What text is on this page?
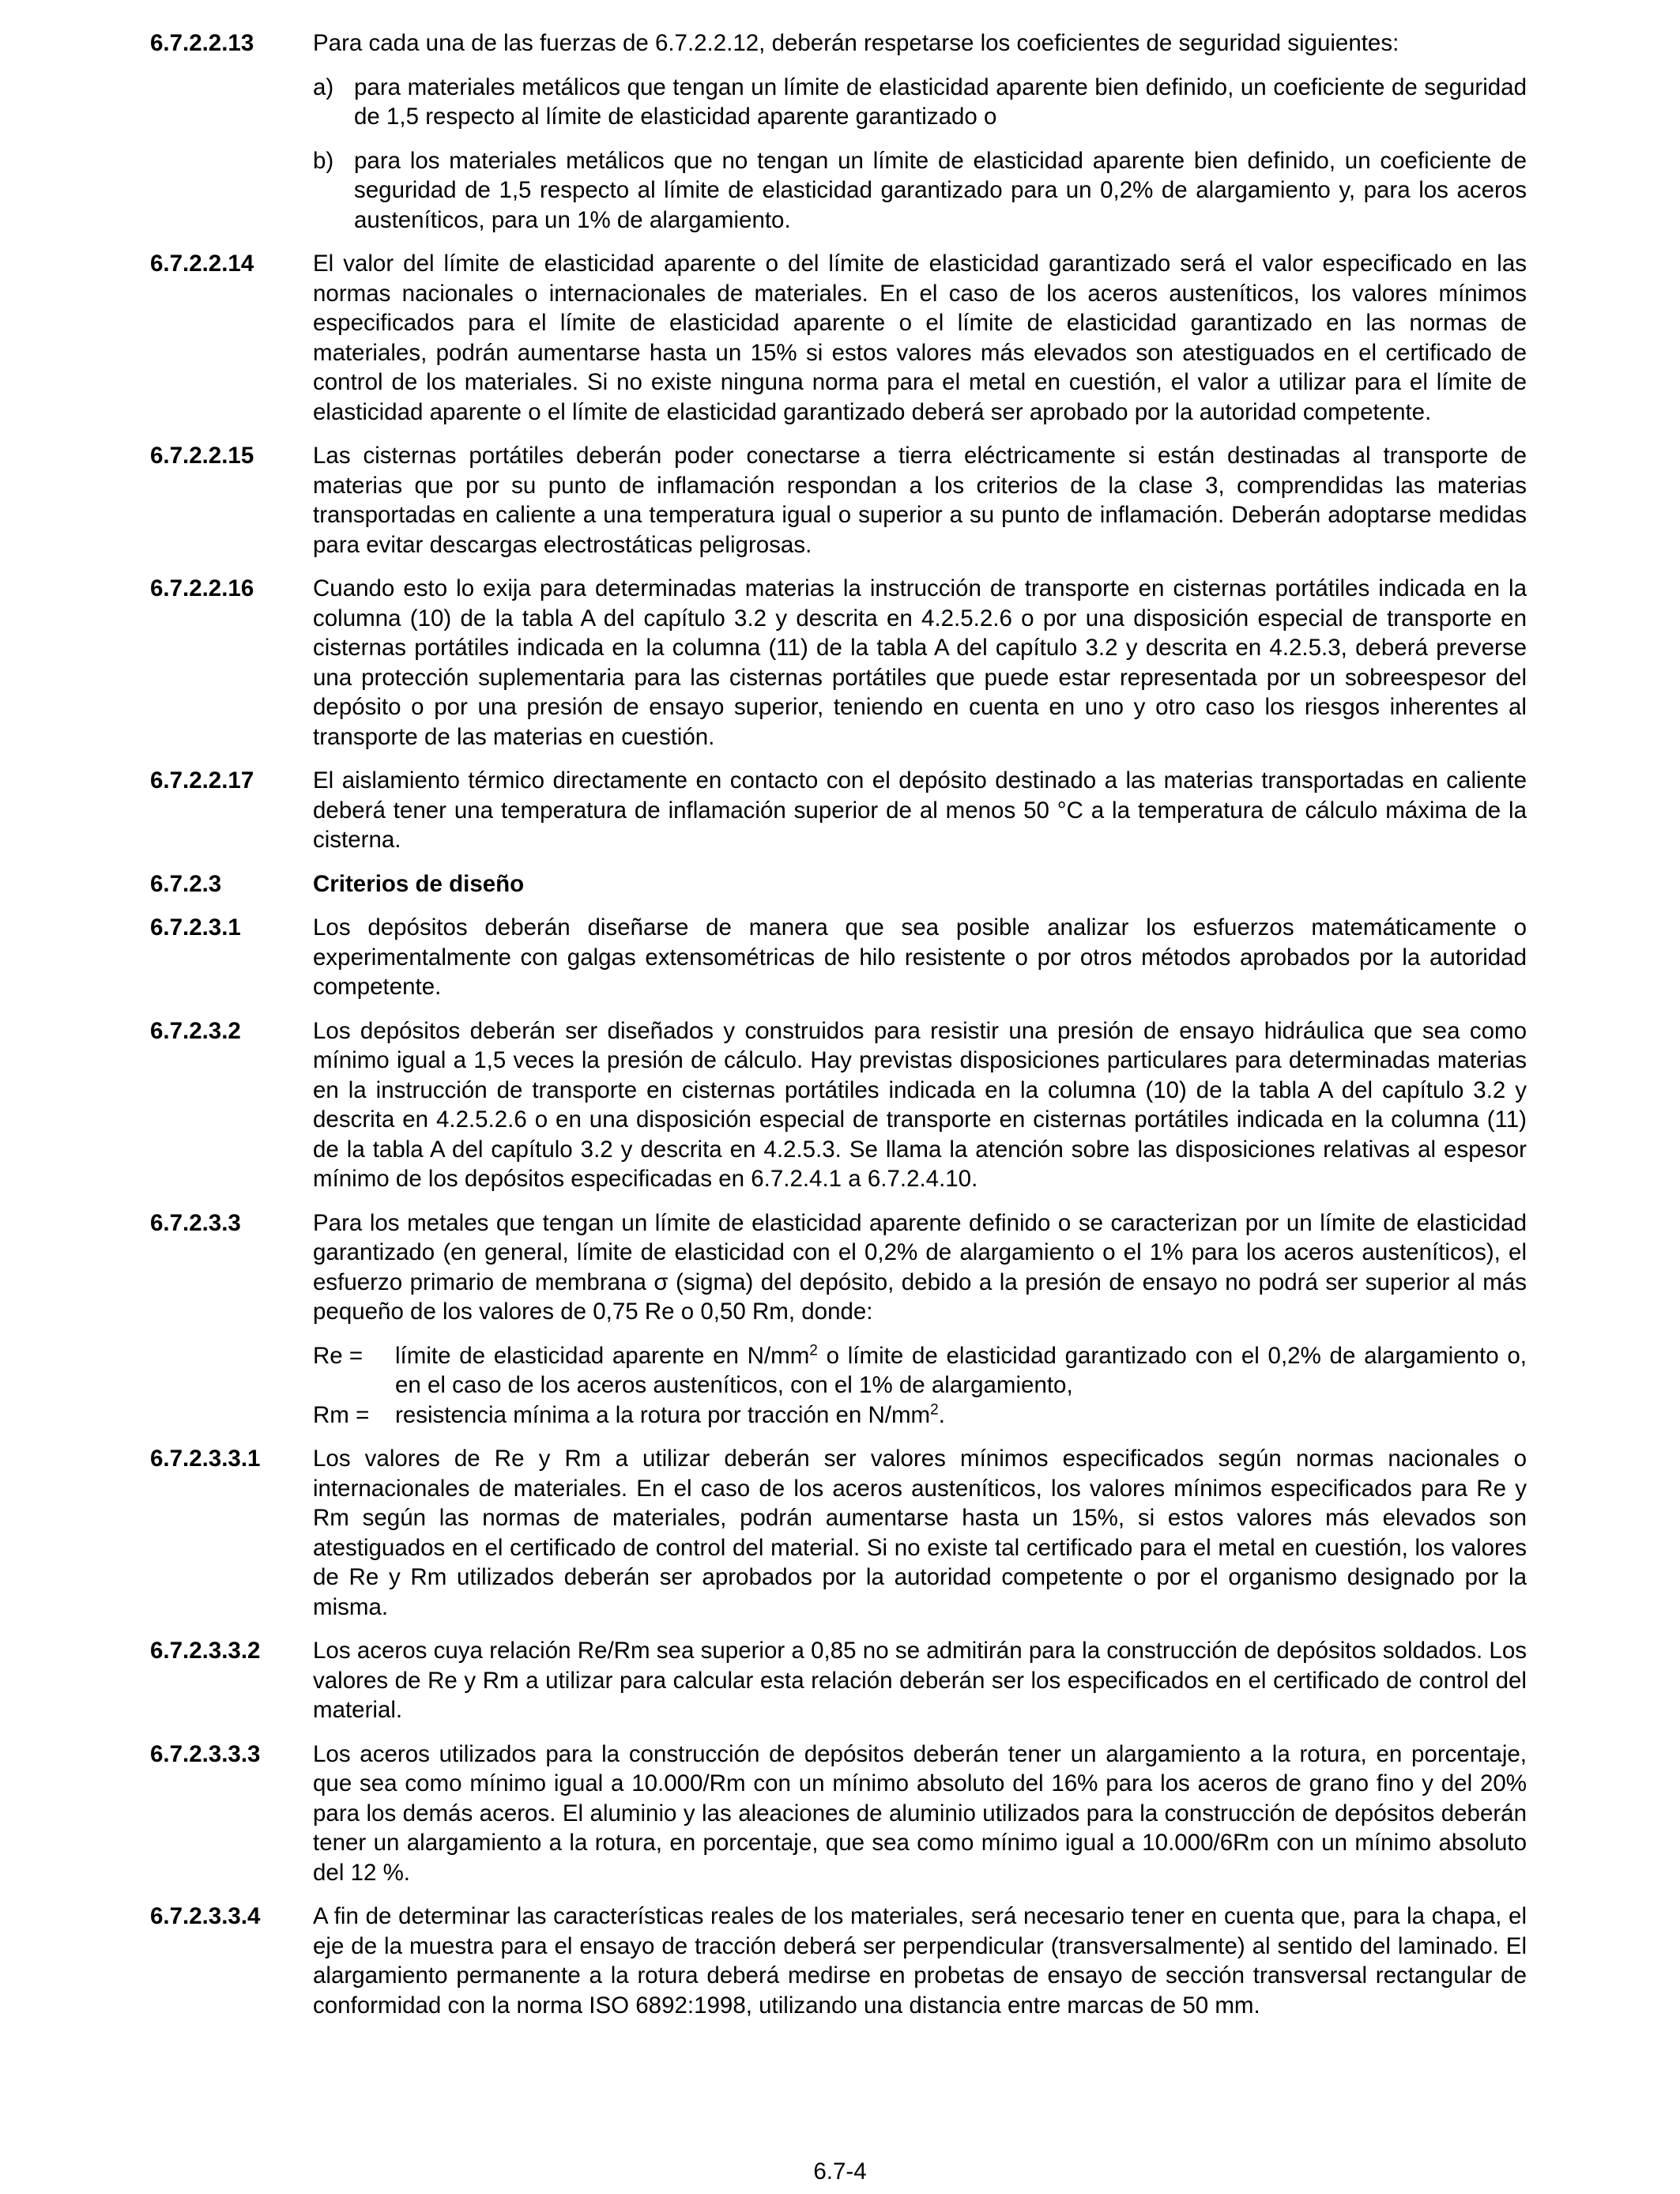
6.7.2.2.13	Para cada una de las fuerzas de 6.7.2.2.12, deberán respetarse los coeficientes de seguridad siguientes:

a) para materiales metálicos que tengan un límite de elasticidad aparente bien definido, un coeficiente de seguridad de 1,5 respecto al límite de elasticidad aparente garantizado o
b) para los materiales metálicos que no tengan un límite de elasticidad aparente bien definido, un coeficiente de seguridad de 1,5 respecto al límite de elasticidad garantizado para un 0,2% de alargamiento y, para los aceros austeníticos, para un 1% de alargamiento.
6.7.2.2.14	El valor del límite de elasticidad aparente o del límite de elasticidad garantizado será el valor especificado en las normas nacionales o internacionales de materiales. En el caso de los aceros austeníticos, los valores mínimos especificados para el límite de elasticidad aparente o el límite de elasticidad garantizado en las normas de materiales, podrán aumentarse hasta un 15% si estos valores más elevados son atestiguados en el certificado de control de los materiales. Si no existe ninguna norma para el metal en cuestión, el valor a utilizar para el límite de elasticidad aparente o el límite de elasticidad garantizado deberá ser aprobado por la autoridad competente.

6.7.2.2.15	Las cisternas portátiles deberán poder conectarse a tierra eléctricamente si están destinadas al transporte de materias que por su punto de inflamación respondan a los criterios de la clase 3, comprendidas las materias transportadas en caliente a una temperatura igual o superior a su punto de inflamación. Deberán adoptarse medidas para evitar descargas electrostáticas peligrosas.

6.7.2.2.16	Cuando esto lo exija para determinadas materias la instrucción de transporte en cisternas portátiles indicada en la columna (10) de la tabla A del capítulo 3.2 y descrita en 4.2.5.2.6 o por una disposición especial de transporte en cisternas portátiles indicada en la columna (11) de la tabla A del capítulo 3.2 y descrita en 4.2.5.3, deberá preverse una protección suplementaria para las cisternas portátiles que puede estar representada por un sobreespesor del depósito o por una presión de ensayo superior, teniendo en cuenta en uno y otro caso los riesgos inherentes al transporte de las materias en cuestión.

6.7.2.2.17	El aislamiento térmico directamente en contacto con el depósito destinado a las materias transportadas en caliente deberá tener una temperatura de inflamación superior de al menos 50 °C a la temperatura de cálculo máxima de la cisterna.

6.7.2.3	Criterios de diseño

6.7.2.3.1	Los depósitos deberán diseñarse de manera que sea posible analizar los esfuerzos matemáticamente o experimentalmente con galgas extensométricas de hilo resistente o por otros métodos aprobados por la autoridad competente.

6.7.2.3.2	Los depósitos deberán ser diseñados y construidos para resistir una presión de ensayo hidráulica que sea como mínimo igual a 1,5 veces la presión de cálculo. Hay previstas disposiciones particulares para determinadas materias en la instrucción de transporte en cisternas portátiles indicada en la columna (10) de la tabla A del capítulo 3.2 y descrita en 4.2.5.2.6 o en una disposición especial de transporte en cisternas portátiles indicada en la columna (11) de la tabla A del capítulo 3.2 y descrita en 4.2.5.3. Se llama la atención sobre las disposiciones relativas al espesor mínimo de los depósitos especificadas en 6.7.2.4.1 a 6.7.2.4.10.

6.7.2.3.3	Para los metales que tengan un límite de elasticidad aparente definido o se caracterizan por un límite de elasticidad garantizado (en general, límite de elasticidad con el 0,2% de alargamiento o el 1% para los aceros austeníticos), el esfuerzo primario de membrana σ (sigma) del depósito, debido a la presión de ensayo no podrá ser superior al más pequeño de los valores de 0,75 Re o 0,50 Rm, donde:

Re =	límite de elasticidad aparente en $N/mm^2$ o límite de elasticidad garantizado con el 0,2% de alargamiento o, en el caso de los aceros austeníticos, con el 1% de alargamiento,
Rm =	resistencia mínima a la rotura por tracción en $N/mm^2$.
6.7.2.3.3.1	Los valores de Re y Rm a utilizar deberán ser valores mínimos especificados según normas nacionales o internacionales de materiales. En el caso de los aceros austeníticos, los valores mínimos especificados para Re y Rm según las normas de materiales, podrán aumentarse hasta un 15%, si estos valores más elevados son atestiguados en el certificado de control del material. Si no existe tal certificado para el metal en cuestión, los valores de Re y Rm utilizados deberán ser aprobados por la autoridad competente o por el organismo designado por la misma.

6.7.2.3.3.2	Los aceros cuya relación Re/Rm sea superior a 0,85 no se admitirán para la construcción de depósitos soldados. Los valores de Re y Rm a utilizar para calcular esta relación deberán ser los especificados en el certificado de control del material.

6.7.2.3.3.3	Los aceros utilizados para la construcción de depósitos deberán tener un alargamiento a la rotura, en porcentaje, que sea como mínimo igual a 10.000/Rm con un mínimo absoluto del 16% para los aceros de grano fino y del 20% para los demás aceros. El aluminio y las aleaciones de aluminio utilizados para la construcción de depósitos deberán tener un alargamiento a la rotura, en porcentaje, que sea como mínimo igual a 10.000/6Rm con un mínimo absoluto del 12 %.

6.7.2.3.3.4	A fin de determinar las características reales de los materiales, será necesario tener en cuenta que, para la chapa, el eje de la muestra para el ensayo de tracción deberá ser perpendicular (transversalmente) al sentido del laminado. El alargamiento permanente a la rotura deberá medirse en probetas de ensayo de sección transversal rectangular de conformidad con la norma ISO 6892:1998, utilizando una distancia entre marcas de 50 mm.

6.7-4
